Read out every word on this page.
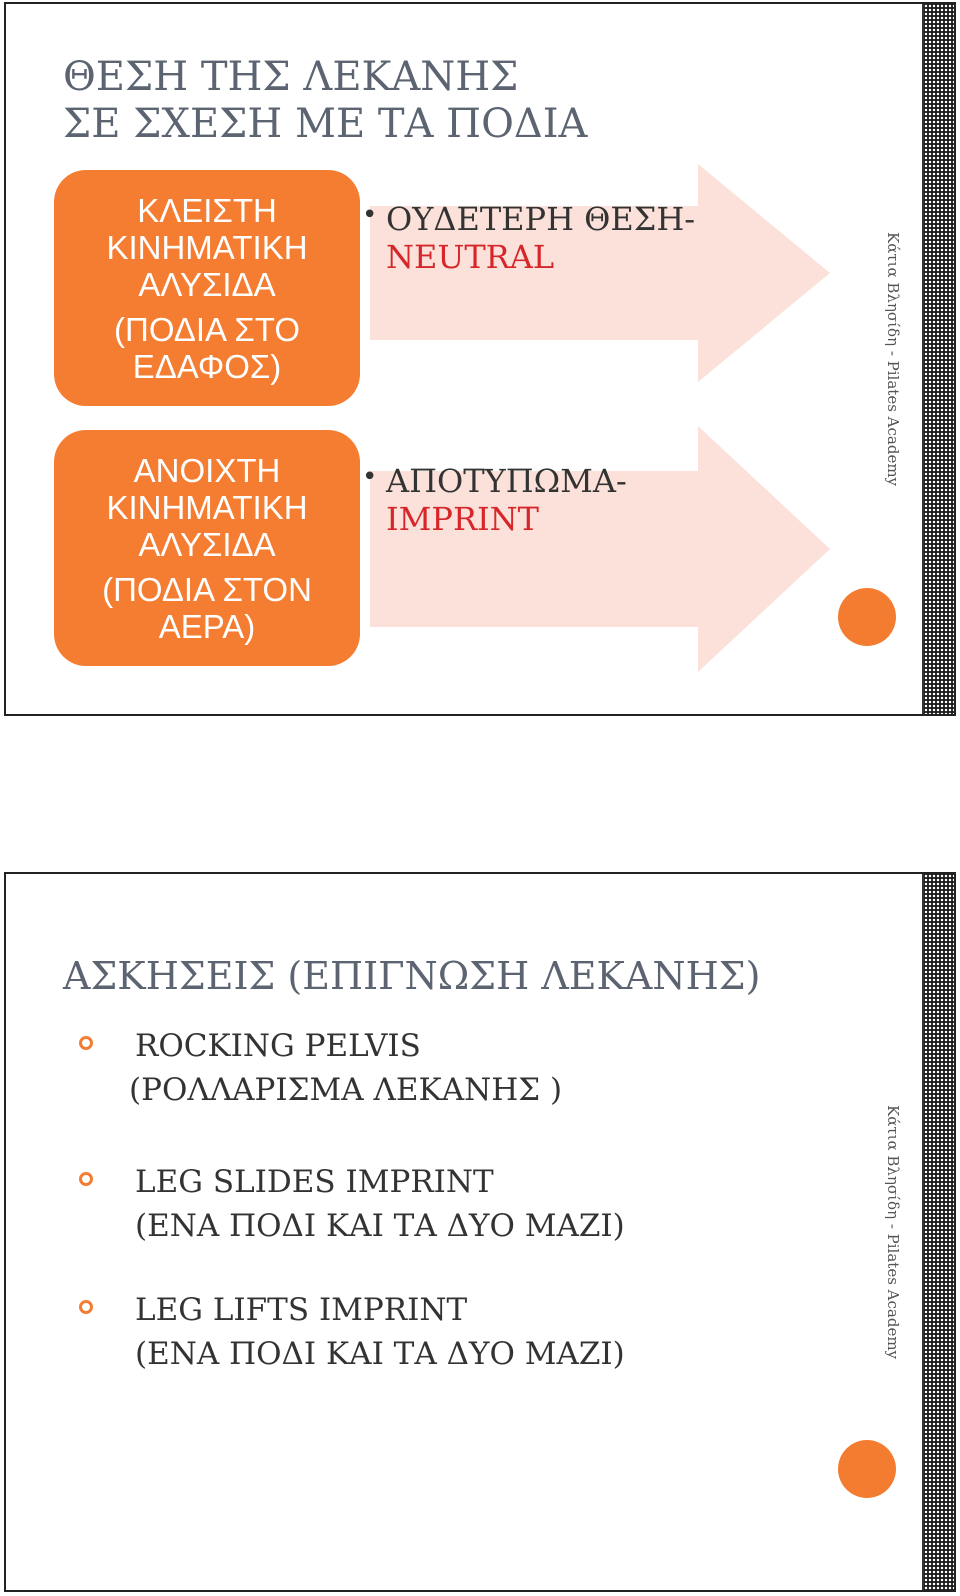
ΘΕΣΗ ΤΗΣ ΛΕΚΑΝΗΣ
ΣΕ ΣΧΕΣΗ ΜΕ ΤΑ ΠΟΔΙΑ
ΚΛΕΙΣΤΗ
ΚΙΝΗΜΑΤΙΚΗ
ΑΛΥΣΙΔΑ
(ΠΟΔΙΑ ΣΤΟ
ΕΔΑΦΟΣ)
ΑΝΟΙΧΤΗ
ΚΙΝΗΜΑΤΙΚΗ
ΑΛΥΣΙΔΑ
(ΠΟΔΙΑ ΣΤΟΝ
ΑΕΡΑ)
• ΟΥΔΕΤΕΡΗ ΘΕΣΗ-
NEUTRAL
• ΑΠΟΤΥΠΩΜΑ-
IMPRINT
Κάτια Βλησίδη - Pilates Academy
ΑΣΚΗΣΕΙΣ (ΕΠΙΓΝΩΣΗ ΛΕΚΑΝΗΣ)
ROCKING PELVIS
(ΡΟΛΛΑΡΙΣΜΑ ΛΕΚΑΝΗΣ )
LEG SLIDES IMPRINT
(ΕΝΑ ΠΟΔΙ ΚΑΙ ΤΑ ΔΥΟ ΜΑΖΙ)
LEG LIFTS IMPRINT
(ΕΝΑ ΠΟΔΙ ΚΑΙ ΤΑ ΔΥΟ ΜΑΖΙ)	Κάτια Βλησίδη - Pilates Academy
